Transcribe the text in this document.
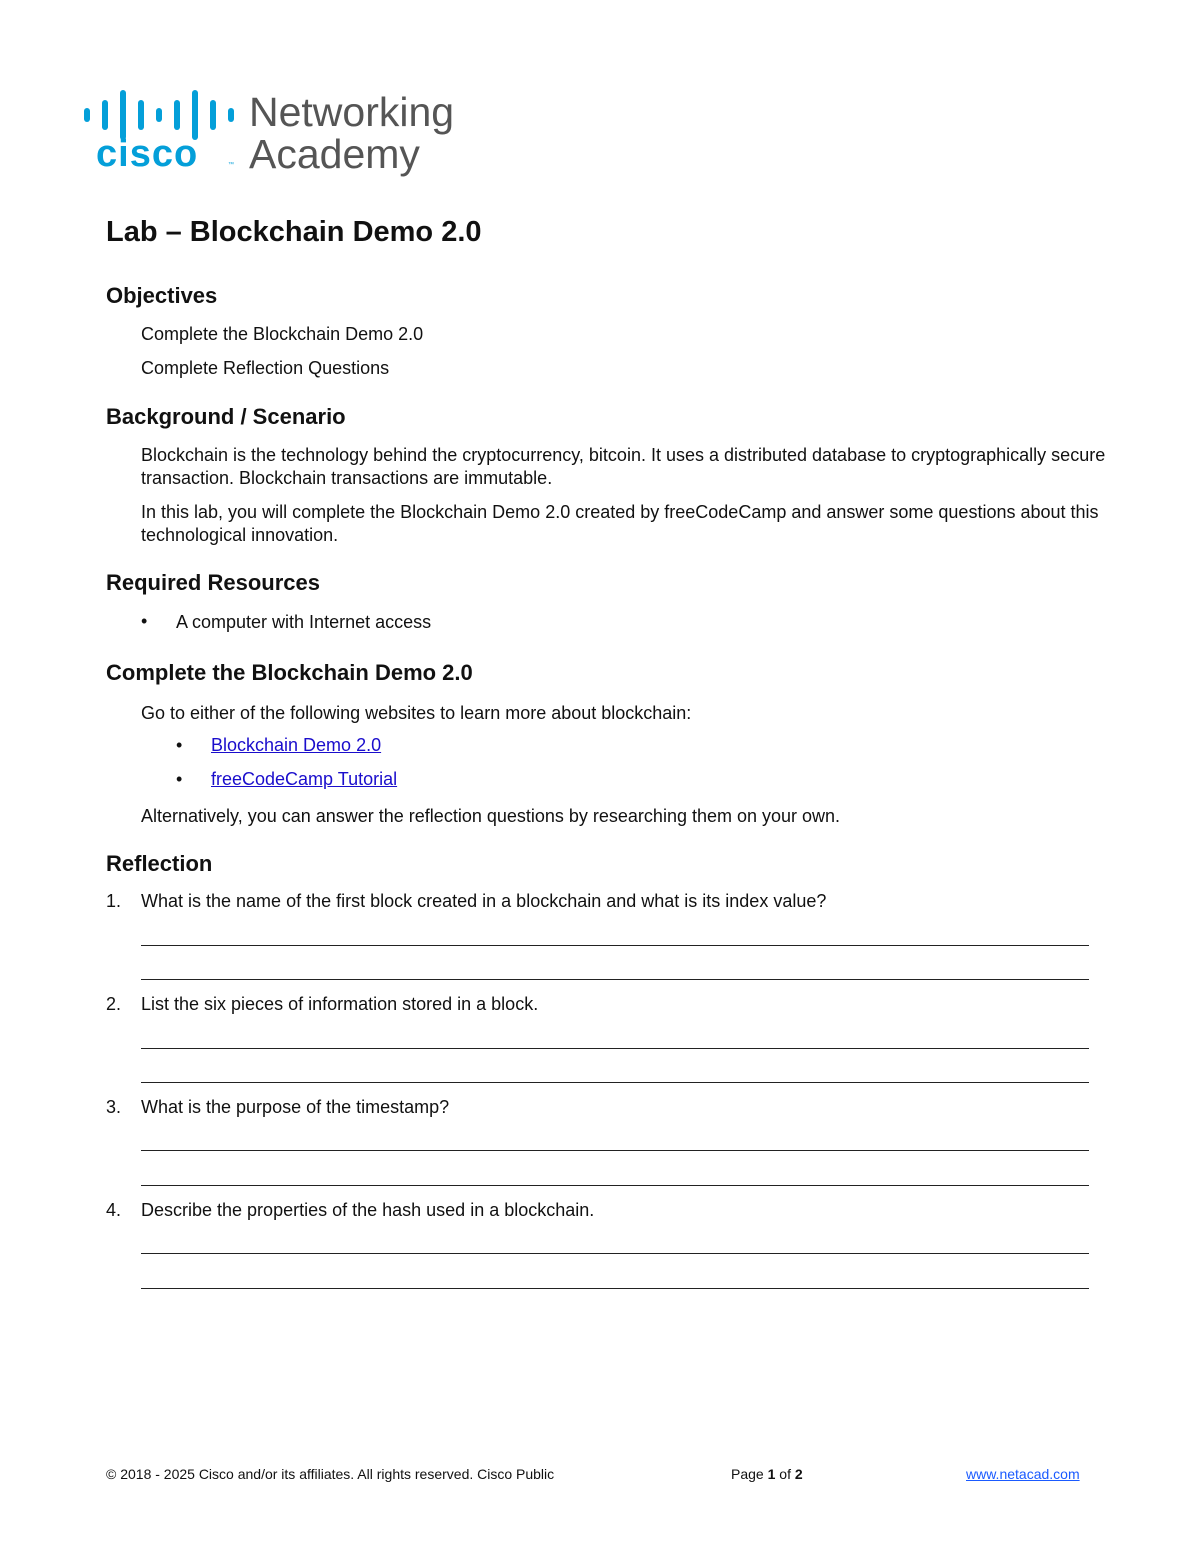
cisco	™
Networking
Academy
Lab – Blockchain Demo 2.0
Objectives
Complete the Blockchain Demo 2.0
Complete Reflection Questions
Background / Scenario
Blockchain is the technology behind the cryptocurrency, bitcoin. It uses a distributed database to cryptographically secure transaction. Blockchain transactions are immutable.
In this lab, you will complete the Blockchain Demo 2.0 created by freeCodeCamp and answer some questions about this technological innovation.
Required Resources
• A computer with Internet access
Complete the Blockchain Demo 2.0
Go to either of the following websites to learn more about blockchain:
• Blockchain Demo 2.0
• freeCodeCamp Tutorial
Alternatively, you can answer the reflection questions by researching them on your own.
Reflection
1. What is the name of the first block created in a blockchain and what is its index value?
2. List the six pieces of information stored in a block.
3. What is the purpose of the timestamp?
4. Describe the properties of the hash used in a blockchain.
© 2018 - 2025 Cisco and/or its affiliates. All rights reserved. Cisco Public	Page 1 of 2	www.netacad.com
